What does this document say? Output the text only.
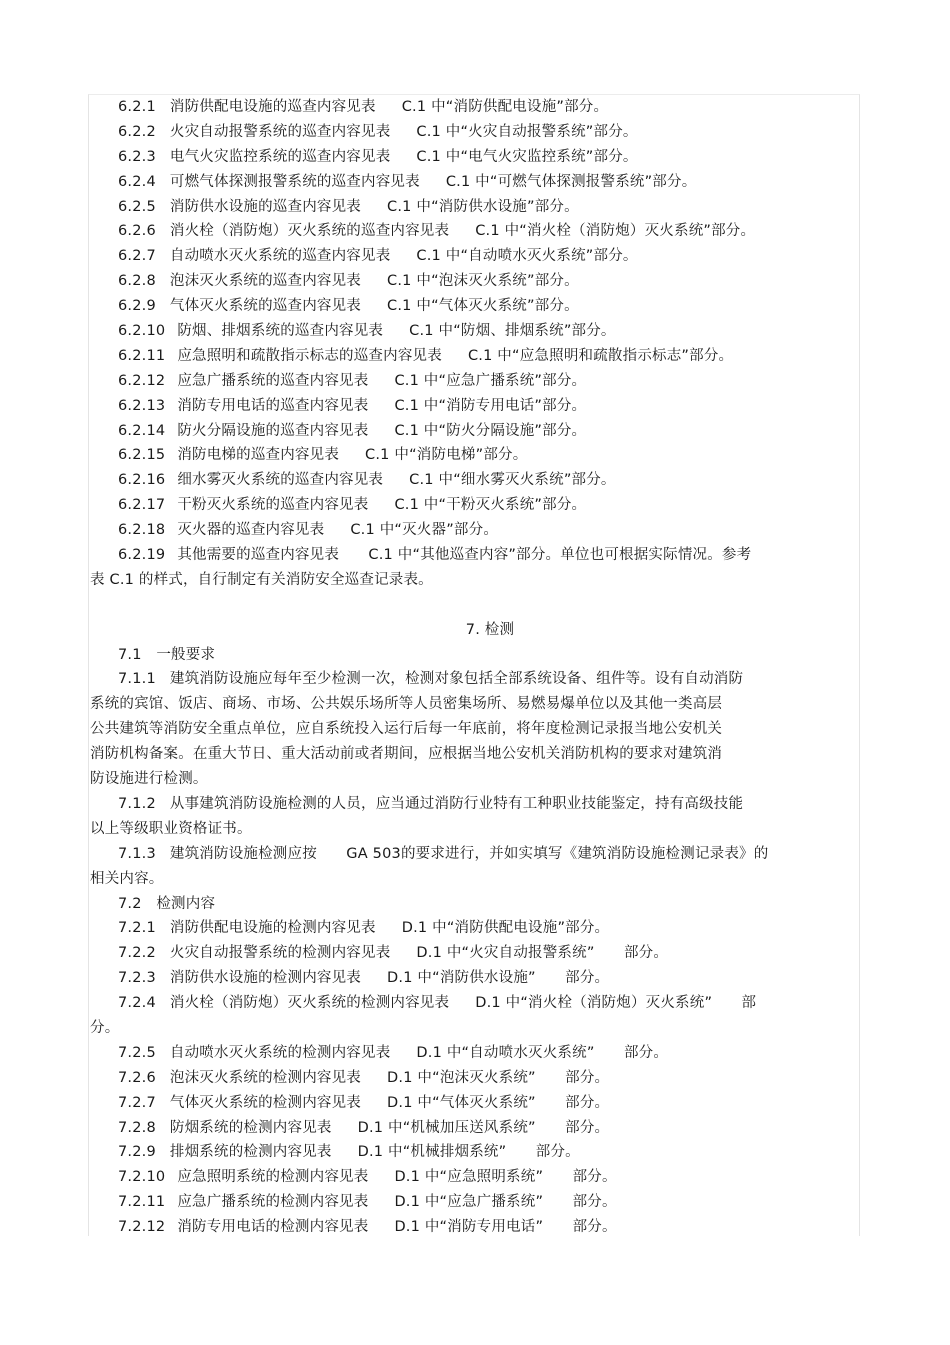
6.2.1 消防供配电设施的巡查内容见表 C.1 中“消防供配电设施”部分。
6.2.2 火灾自动报警系统的巡查内容见表 C.1 中“火灾自动报警系统”部分。
6.2.3 电气火灾监控系统的巡查内容见表 C.1 中“电气火灾监控系统”部分。
6.2.4 可燃气体探测报警系统的巡查内容见表 C.1 中“可燃气体探测报警系统”部分。
6.2.5 消防供水设施的巡查内容见表 C.1 中“消防供水设施”部分。
6.2.6 消火栓（消防炮）灭火系统的巡查内容见表 C.1 中“消火栓（消防炮）灭火系统”部分。
6.2.7 自动喷水灭火系统的巡查内容见表 C.1 中“自动喷水灭火系统”部分。
6.2.8 泡沫灭火系统的巡查内容见表 C.1 中“泡沫灭火系统”部分。
6.2.9 气体灭火系统的巡查内容见表 C.1 中“气体灭火系统”部分。
6.2.10 防烟、排烟系统的巡查内容见表 C.1 中“防烟、排烟系统”部分。
6.2.11 应急照明和疏散指示标志的巡查内容见表 C.1 中“应急照明和疏散指示标志”部分。
6.2.12 应急广播系统的巡查内容见表 C.1 中“应急广播系统”部分。
6.2.13 消防专用电话的巡查内容见表 C.1 中“消防专用电话”部分。
6.2.14 防火分隔设施的巡查内容见表 C.1 中“防火分隔设施”部分。
6.2.15 消防电梯的巡查内容见表 C.1 中“消防电梯”部分。
6.2.16 细水雾灭火系统的巡查内容见表 C.1 中“细水雾灭火系统”部分。
6.2.17 干粉灭火系统的巡查内容见表 C.1 中“干粉灭火系统”部分。
6.2.18 灭火器的巡查内容见表 C.1 中“灭火器”部分。
6.2.19 其他需要的巡查内容见表　　C.1 中“其他巡查内容”部分。单位也可根据实际情况。参考
表 C.1 的样式，自行制定有关消防安全巡查记录表。
7. 检测
7.1　一般要求
7.1.1 建筑消防设施应每年至少检测一次，检测对象包括全部系统设备、组件等。设有自动消防
系统的宾馆、饭店、商场、市场、公共娱乐场所等人员密集场所、易燃易爆单位以及其他一类高层
公共建筑等消防安全重点单位，应自系统投入运行后每一年底前，将年度检测记录报当地公安机关
消防机构备案。在重大节日、重大活动前或者期间，应根据当地公安机关消防机构的要求对建筑消
防设施进行检测。
7.1.2 从事建筑消防设施检测的人员，应当通过消防行业特有工种职业技能鉴定，持有高级技能
以上等级职业资格证书。
7.1.3 建筑消防设施检测应按　　GA 503的要求进行，并如实填写《建筑消防设施检测记录表》的
相关内容。
7.2　检测内容
7.2.1 消防供配电设施的检测内容见表 D.1 中“消防供配电设施”部分。
7.2.2 火灾自动报警系统的检测内容见表 D.1 中“火灾自动报警系统”　　部分。
7.2.3 消防供水设施的检测内容见表 D.1 中“消防供水设施”　　部分。
7.2.4 消火栓（消防炮）灭火系统的检测内容见表 D.1 中“消火栓（消防炮）灭火系统”　　部
分。
7.2.5 自动喷水灭火系统的检测内容见表 D.1 中“自动喷水灭火系统”　　部分。
7.2.6 泡沫灭火系统的检测内容见表 D.1 中“泡沫灭火系统”　　部分。
7.2.7 气体灭火系统的检测内容见表 D.1 中“气体灭火系统”　　部分。
7.2.8 防烟系统的检测内容见表 D.1 中“机械加压送风系统”　　部分。
7.2.9 排烟系统的检测内容见表 D.1 中“机械排烟系统”　　部分。
7.2.10 应急照明系统的检测内容见表 D.1 中“应急照明系统”　　部分。
7.2.11 应急广播系统的检测内容见表 D.1 中“应急广播系统”　　部分。
7.2.12 消防专用电话的检测内容见表 D.1 中“消防专用电话”　　部分。
